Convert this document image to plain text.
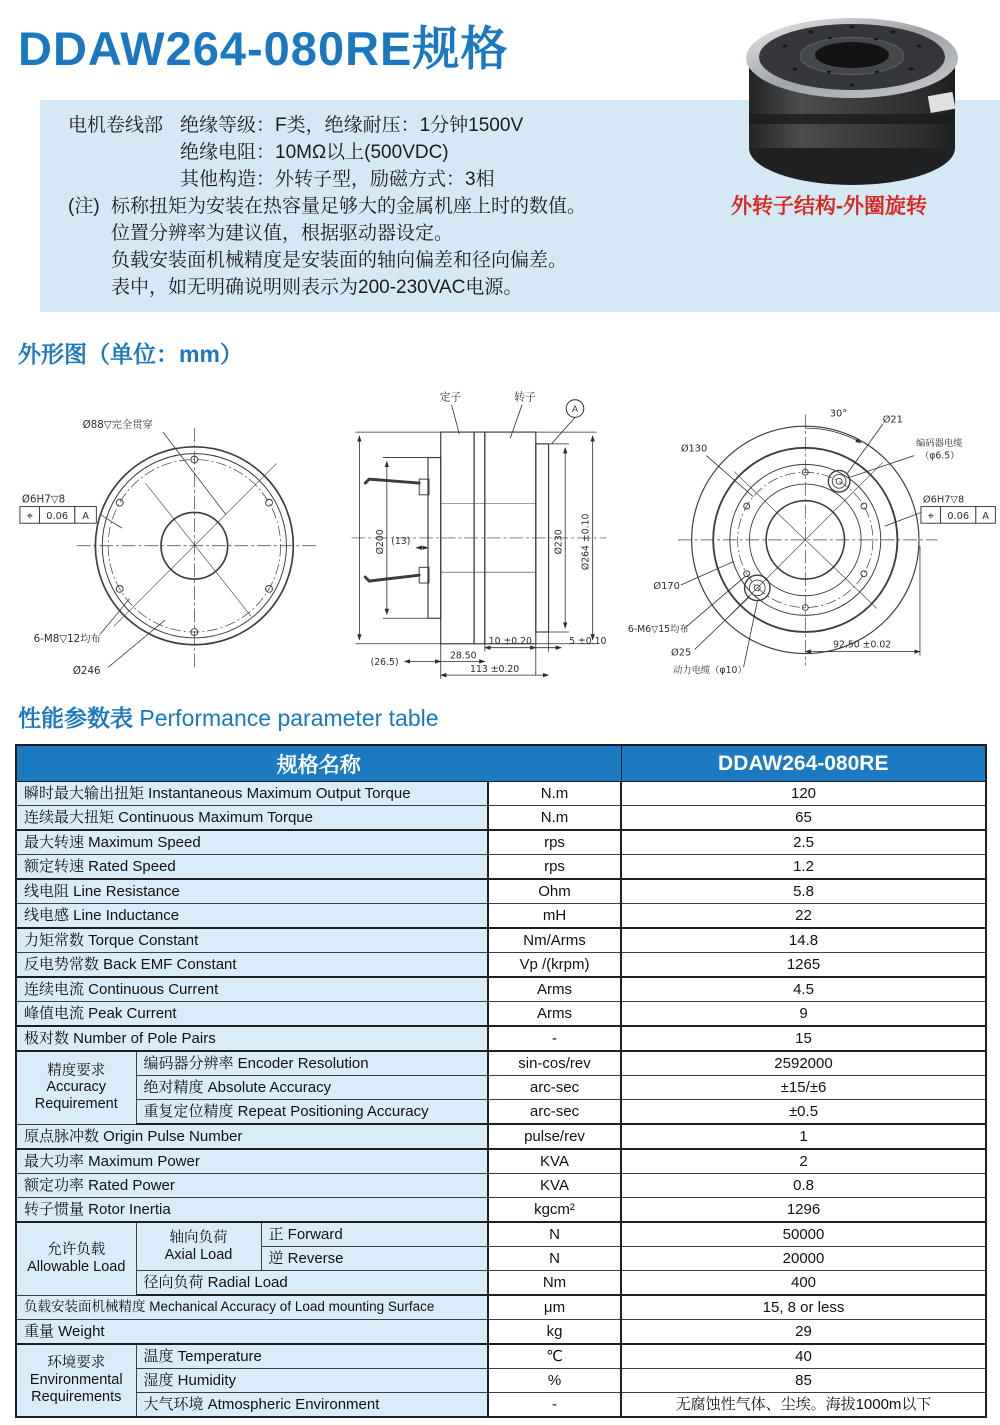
DDAW264-080RE规格
电机卷线部 绝缘等级：F类，绝缘耐压：1分钟1500V
绝缘电阻：10MΩ以上(500VDC)
其他构造：外转子型，励磁方式：3相
(注) 标称扭矩为安装在热容量足够大的金属机座上时的数值。
位置分辨率为建议值，根据驱动器设定。
负载安装面机械精度是安装面的轴向偏差和径向偏差。
表中，如无明确说明则表示为200-230VAC电源。
外转子结构-外圈旋转
外形图（单位：mm）
Ø88▽完全贯穿
Ø6H7▽8
6-M8▽12均布
Ø246
⌖ 0.06 A
Ø200	Ø230 Ø264 ±0.10
定子	转子
A
10 ±0.20	5 ±0.10
(26.5)
28.50
113 ±0.20
(13)
30°
Ø21
编码器电缆
（φ6.5）
Ø130
Ø170
6-M6▽15均布
Ø25
动力电缆（φ10）
92.50 ±0.02
Ø6H7▽8
⌖ 0.06 A
性能参数表 Performance parameter table
规格名称				DDAW264-080RE
瞬时最大输出扭矩 Instantaneous Maximum Output Torque			N.m	120
连续最大扭矩 Continuous Maximum Torque			N.m	65
最大转速 Maximum Speed			rps	2.5
额定转速 Rated Speed			rps	1.2
线电阻 Line Resistance			Ohm	5.8
线电感 Line Inductance			mH	22
力矩常数 Torque Constant			Nm/Arms	14.8
反电势常数 Back EMF Constant			Vp /(krpm)	1265
连续电流 Continuous Current			Arms	4.5
峰值电流 Peak Current			Arms	9
极对数 Number of Pole Pairs			-	15

精度要求
Accuracy
Requirement	编码器分辨率 Encoder Resolution		sin-cos/rev	2592000
	绝对精度 Absolute Accuracy		arc-sec	±15/±6
	重复定位精度 Repeat Positioning Accuracy		arc-sec	±0.5
原点脉冲数 Origin Pulse Number			pulse/rev	1
最大功率 Maximum Power			KVA	2
额定功率 Rated Power			KVA	0.8
转子惯量 Rotor Inertia			kgcm²	1296

允许负载
Allowable Load	轴向负荷
Axial Load	正 Forward	N	50000
		逆 Reverse	N	20000
	径向负荷 Radial Load		Nm	400
负载安装面机械精度 Mechanical Accuracy of Load mounting Surface			μm	15, 8 or less
重量 Weight			kg	29

环境要求
Environmental
Requirements	温度 Temperature		℃	40
	湿度 Humidity		%	85
	大气环境 Atmospheric Environment		-	无腐蚀性气体、尘埃。海拔1000m以下
